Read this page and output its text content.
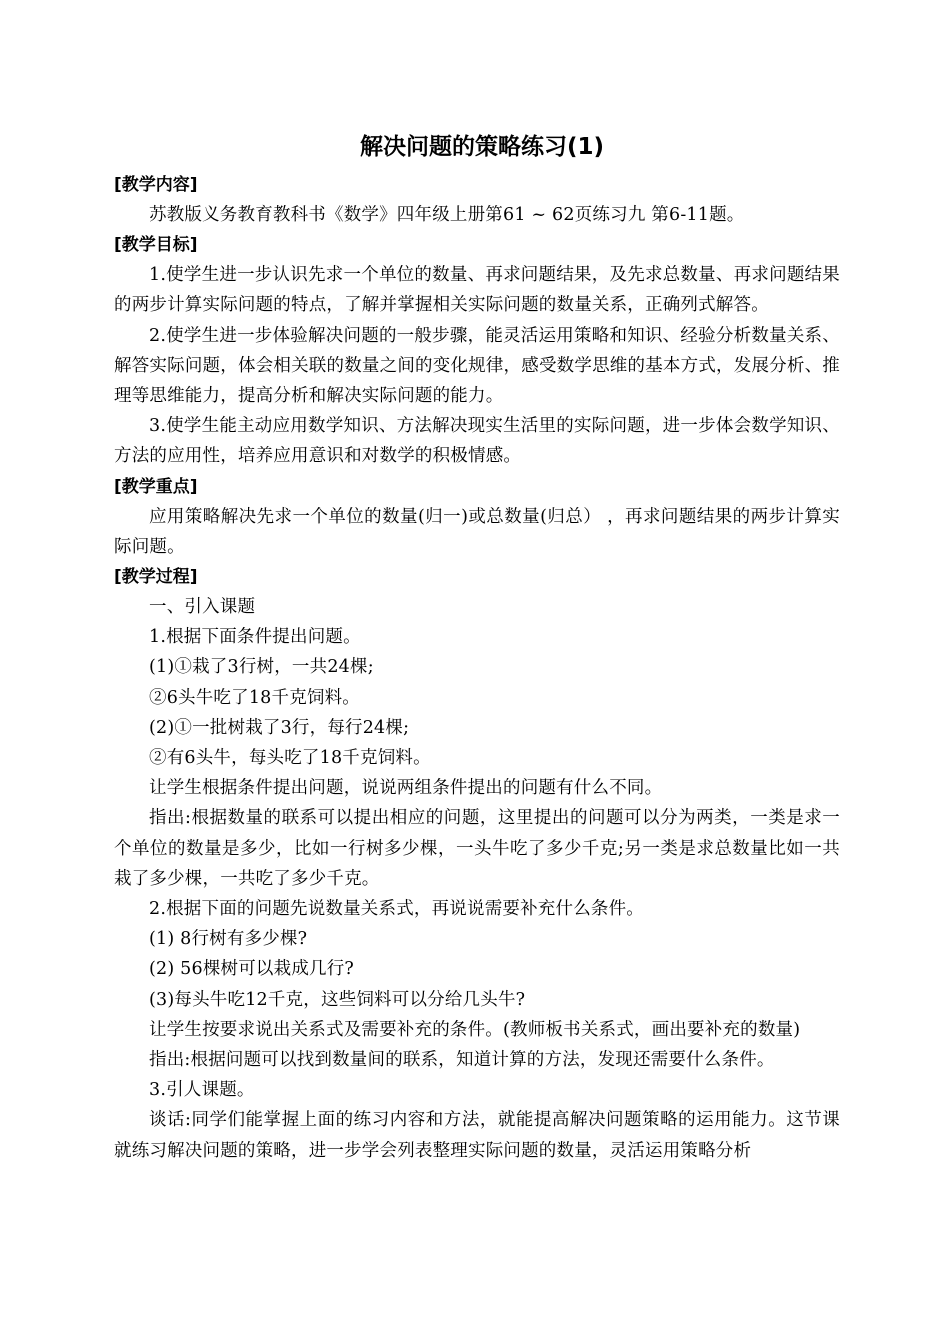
解决问题的策略练习(1)
[教学内容]

苏教版义务教育教科书《数学》四年级上册第61 ~ 62页练习九 第6-11题。

[教学目标]

1.使学生进一步认识先求一个单位的数量、再求问题结果，及先求总数量、再求问题结果的两步计算实际问题的特点，了解并掌握相关实际问题的数量关系，正确列式解答。

2.使学生进一步体验解决问题的一般步骤，能灵活运用策略和知识、经验分析数量关系、解答实际问题，体会相关联的数量之间的变化规律，感受数学思维的基本方式，发展分析、推理等思维能力，提高分析和解决实际问题的能力。

3.使学生能主动应用数学知识、方法解决现实生活里的实际问题，进一步体会数学知识、方法的应用性，培养应用意识和对数学的积极情感。

[教学重点]

应用策略解决先求一个单位的数量(归一)或总数量(归总） ，再求问题结果的两步计算实际问题。

[教学过程]

一、引入课题

1.根据下面条件提出问题。

(1)①栽了3行树，一共24棵;

②6头牛吃了18千克饲料。

(2)①一批树栽了3行，每行24棵;

②有6头牛，每头吃了18千克饲料。

让学生根据条件提出问题，说说两组条件提出的问题有什么不同。

指出:根据数量的联系可以提出相应的问题，这里提出的问题可以分为两类，一类是求一个单位的数量是多少，比如一行树多少棵，一头牛吃了多少千克;另一类是求总数量比如一共栽了多少棵，一共吃了多少千克。

2.根据下面的问题先说数量关系式，再说说需要补充什么条件。

(1) 8行树有多少棵?

(2) 56棵树可以栽成几行?

(3)每头牛吃12千克，这些饲料可以分给几头牛?

让学生按要求说出关系式及需要补充的条件。(教师板书关系式，画出要补充的数量)

指出:根据问题可以找到数量间的联系，知道计算的方法，发现还需要什么条件。

3.引人课题。

谈话:同学们能掌握上面的练习内容和方法，就能提高解决问题策略的运用能力。这节课就练习解决问题的策略，进一步学会列表整理实际问题的数量，灵活运用策略分析
